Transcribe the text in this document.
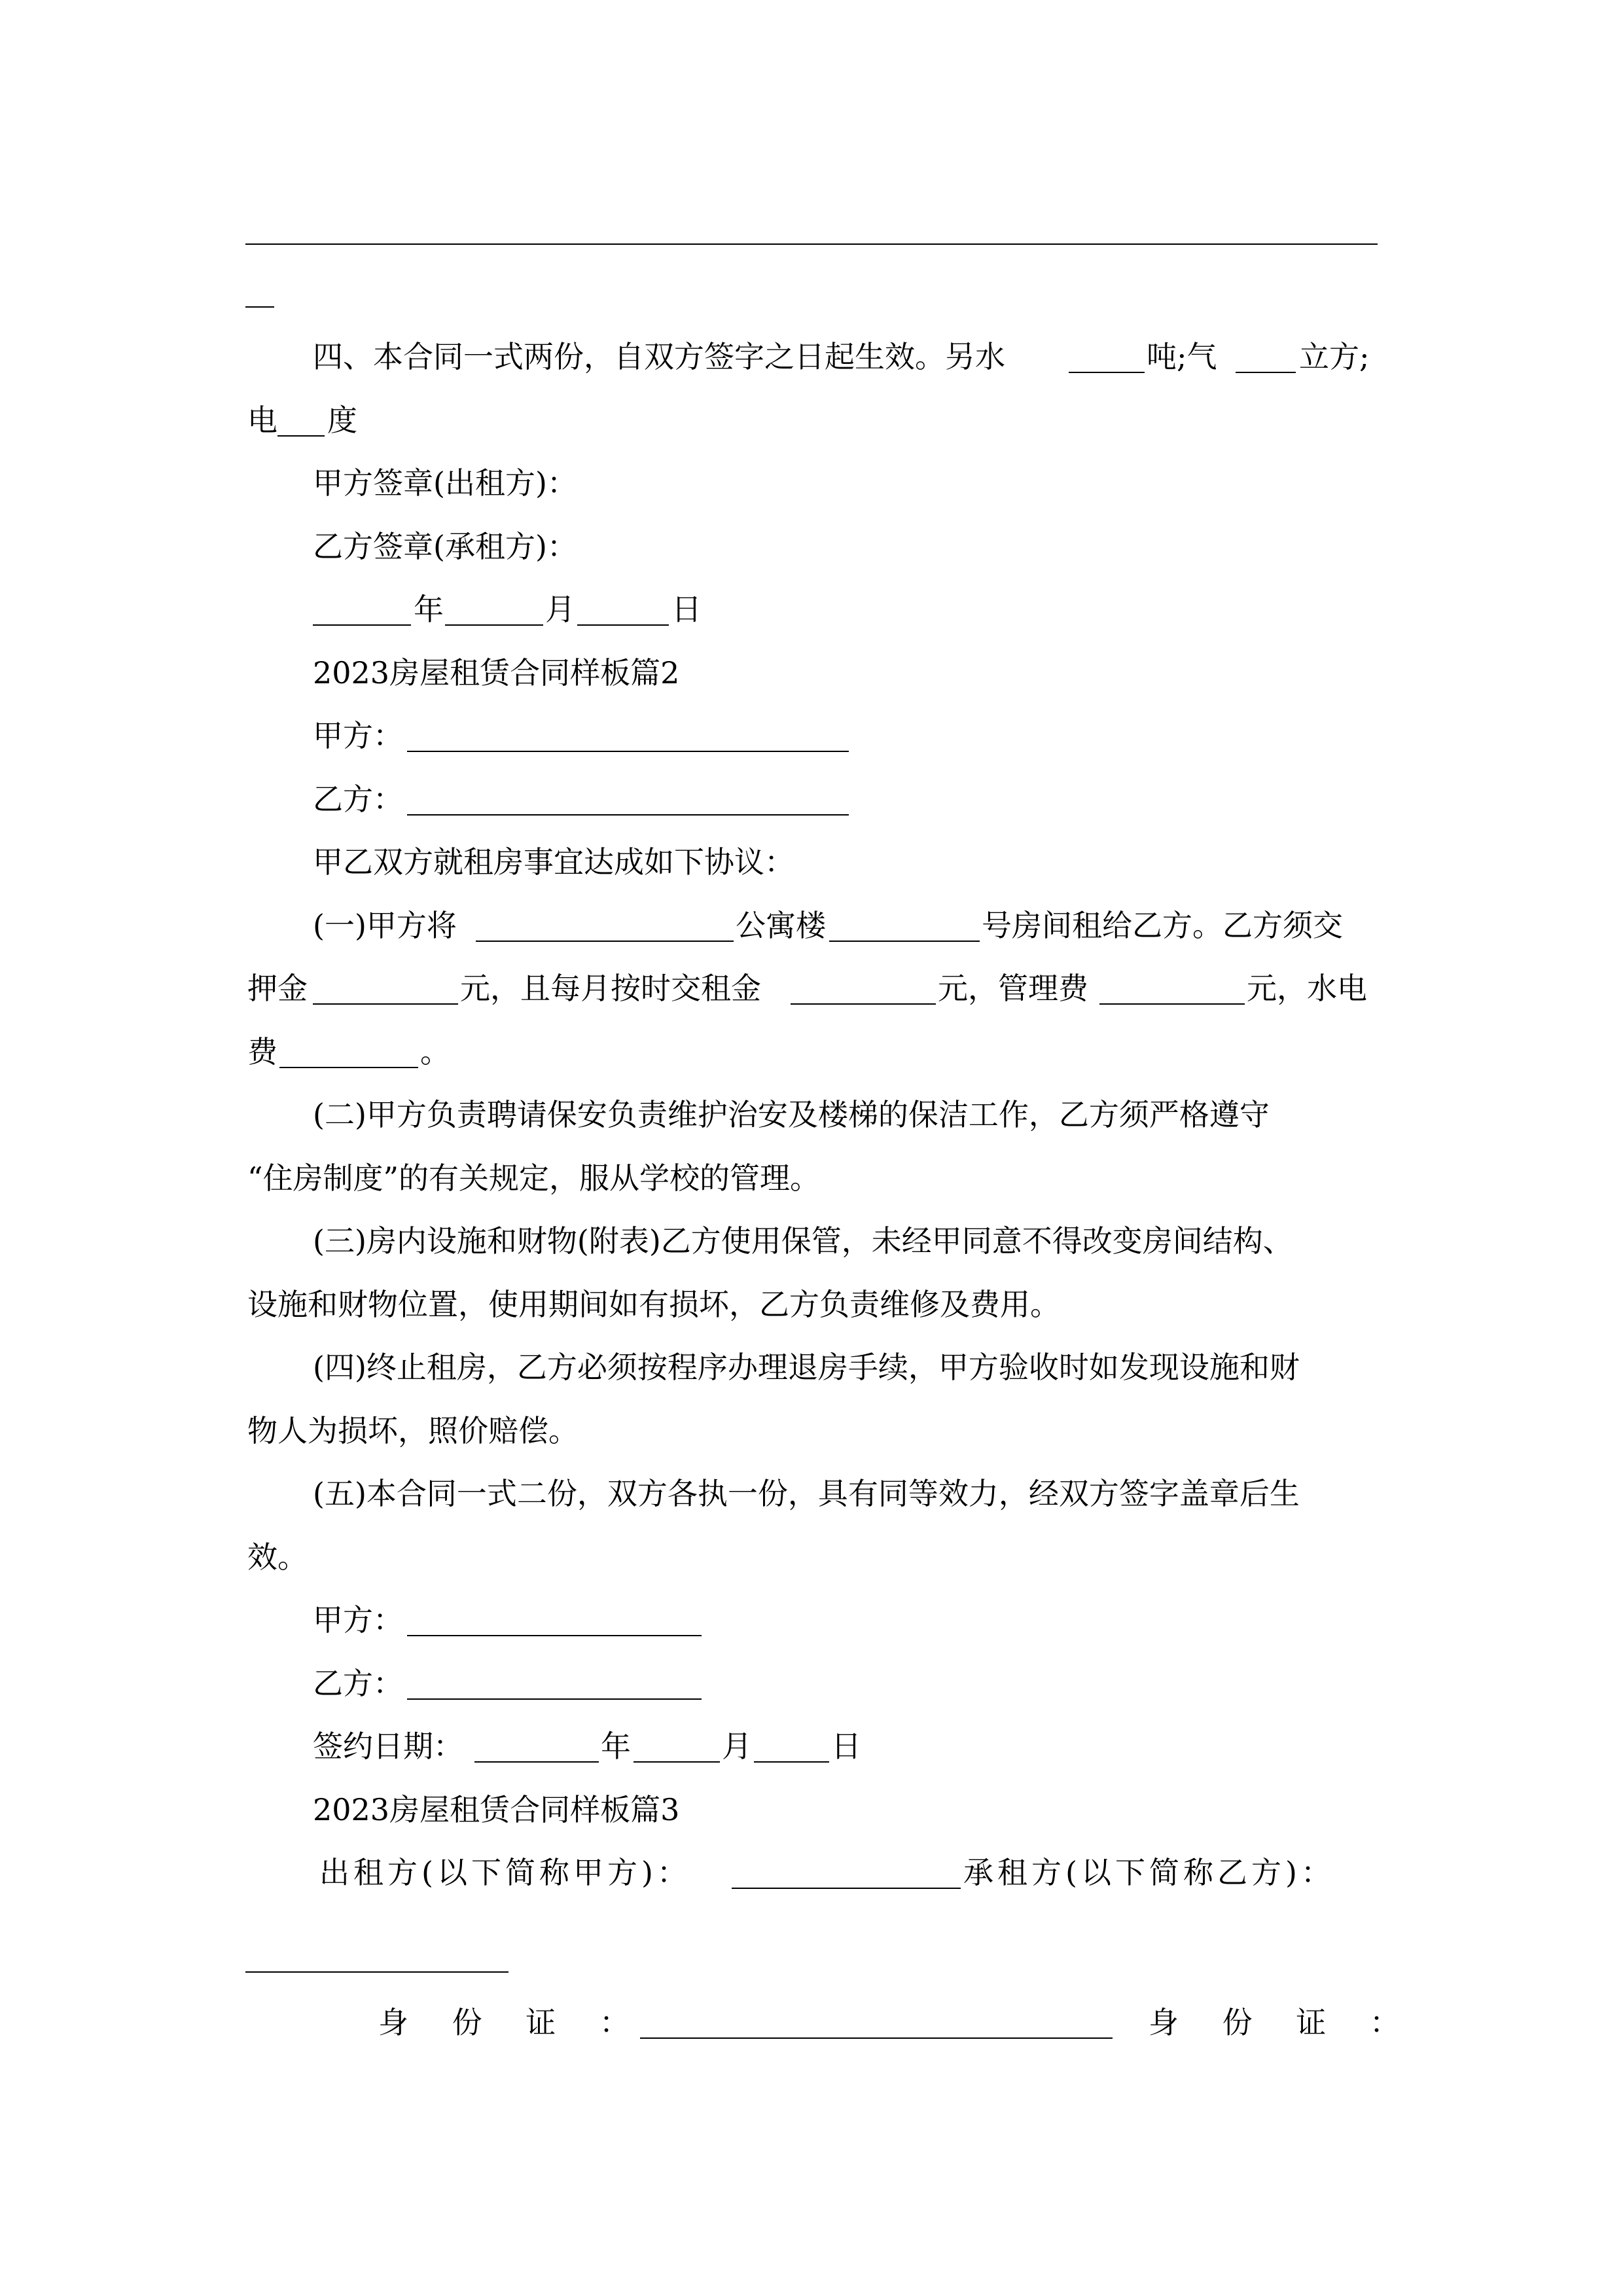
四、本合同一式两份，自双方签字之日起生效。另水	吨;气	立方;
电 度
甲方签章(出租方)：
乙方签章(承租方)：
年	月	日
2023房屋租赁合同样板篇2
甲方：
乙方：
甲乙双方就租房事宜达成如下协议：
(一)甲方将	公寓楼	号房间租给乙方。乙方须交
押金	元，且每月按时交租金	元，管理费	元，水电
费	。
(二)甲方负责聘请保安负责维护治安及楼梯的保洁工作，乙方须严格遵守
“住房制度”的有关规定，服从学校的管理。
(三)房内设施和财物(附表)乙方使用保管，未经甲同意不得改变房间结构、
设施和财物位置，使用期间如有损坏，乙方负责维修及费用。
(四)终止租房，乙方必须按程序办理退房手续，甲方验收时如发现设施和财
物人为损坏，照价赔偿。
(五)本合同一式二份，双方各执一份，具有同等效力，经双方签字盖章后生
效。
甲方：
乙方：
签约日期：	年	月	日
2023房屋租赁合同样板篇3
出租方(以下简称甲方)：	承租方(以下简称乙方)：
身 份 证 ：	身 份 证 ：
